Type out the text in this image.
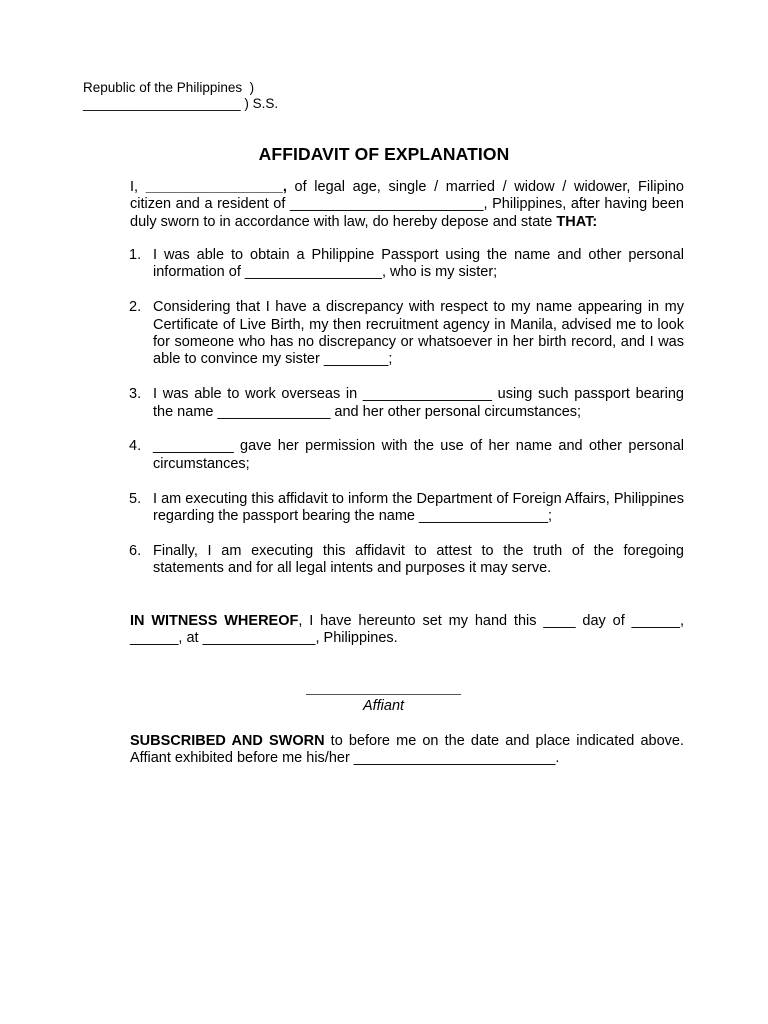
Republic of the Philippines  )
_____________________ ) S.S.
AFFIDAVIT OF EXPLANATION
I, _________________, of legal age, single / married / widow / widower, Filipino citizen and a resident of ________________________, Philippines, after having been duly sworn to in accordance with law, do hereby depose and state THAT:
1. I was able to obtain a Philippine Passport using the name and other personal information of _________________, who is my sister;
2. Considering that I have a discrepancy with respect to my name appearing in my Certificate of Live Birth, my then recruitment agency in Manila, advised me to look for someone who has no discrepancy or whatsoever in her birth record, and I was able to convince my sister ________;
3. I was able to work overseas in ________________ using such passport bearing the name ______________ and her other personal circumstances;
4. __________ gave her permission with the use of her name and other personal circumstances;
5. I am executing this affidavit to inform the Department of Foreign Affairs, Philippines regarding the passport bearing the name ________________;
6. Finally, I am executing this affidavit to attest to the truth of the foregoing statements and for all legal intents and purposes it may serve.
IN WITNESS WHEREOF, I have hereunto set my hand this ____ day of ______, ______, at ______________, Philippines.
Affiant
SUBSCRIBED AND SWORN to before me on the date and place indicated above. Affiant exhibited before me his/her _________________________.
